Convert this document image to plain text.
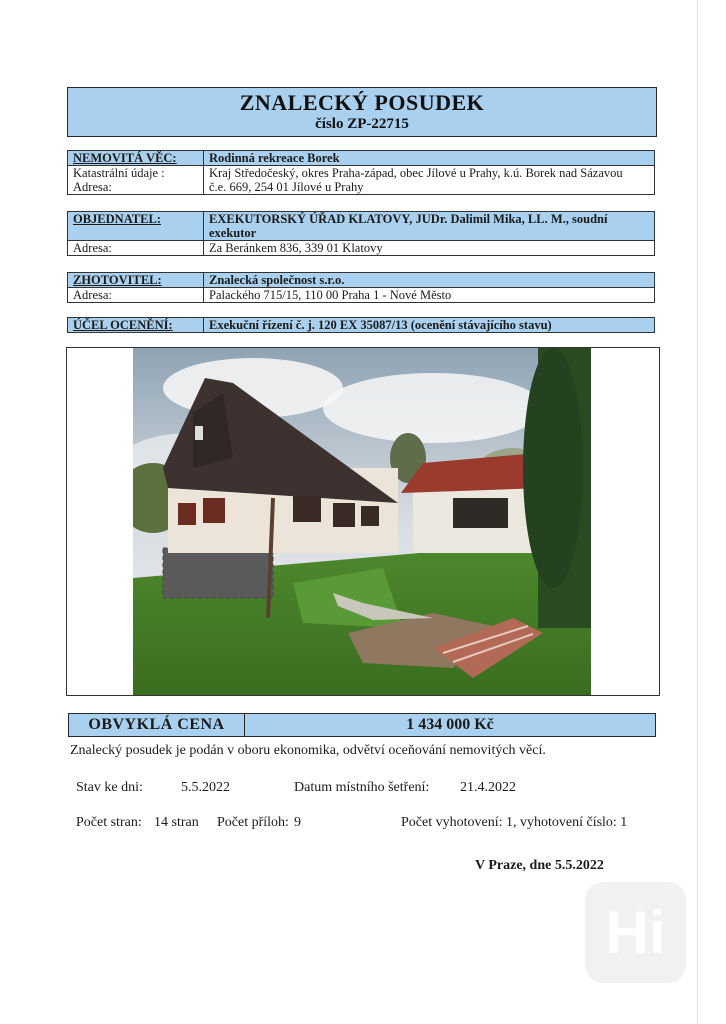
ZNALECKÝ POSUDEK
číslo ZP-22715
NEMOVITÁ VĚC:	Rodinná rekreace Borek
Katastrální údaje :	Kraj Středočeský, okres Praha-západ, obec Jílové u Prahy, k.ú. Borek nad Sázavou
Adresa:	č.e. 669, 254 01 Jílové u Prahy
OBJEDNATEL:	EXEKUTORSKÝ ÚŘAD KLATOVY, JUDr. Dalimil Mika, LL. M., soudní
exekutor

Adresa:	Za Beránkem 836, 339 01 Klatovy
ZHOTOVITEL:	Znalecká společnost s.r.o.
Adresa:	Palackého 715/15, 110 00 Praha 1 - Nové Město
ÚČEL OCENĚNÍ:	Exekuční řízení č. j. 120 EX 35087/13 (ocenění stávajícího stavu)
OBVYKLÁ CENA	1 434 000 Kč
Znalecký posudek je podán v oboru ekonomika, odvětví oceňování nemovitých věcí.
Stav ke dni:	5.5.2022	Datum místního šetření: 21.4.2022
Počet stran: 14 stran Počet příloh: 9	Počet vyhotovení: 1, vyhotovení číslo: 1
V Praze, dne 5.5.2022
Hi
